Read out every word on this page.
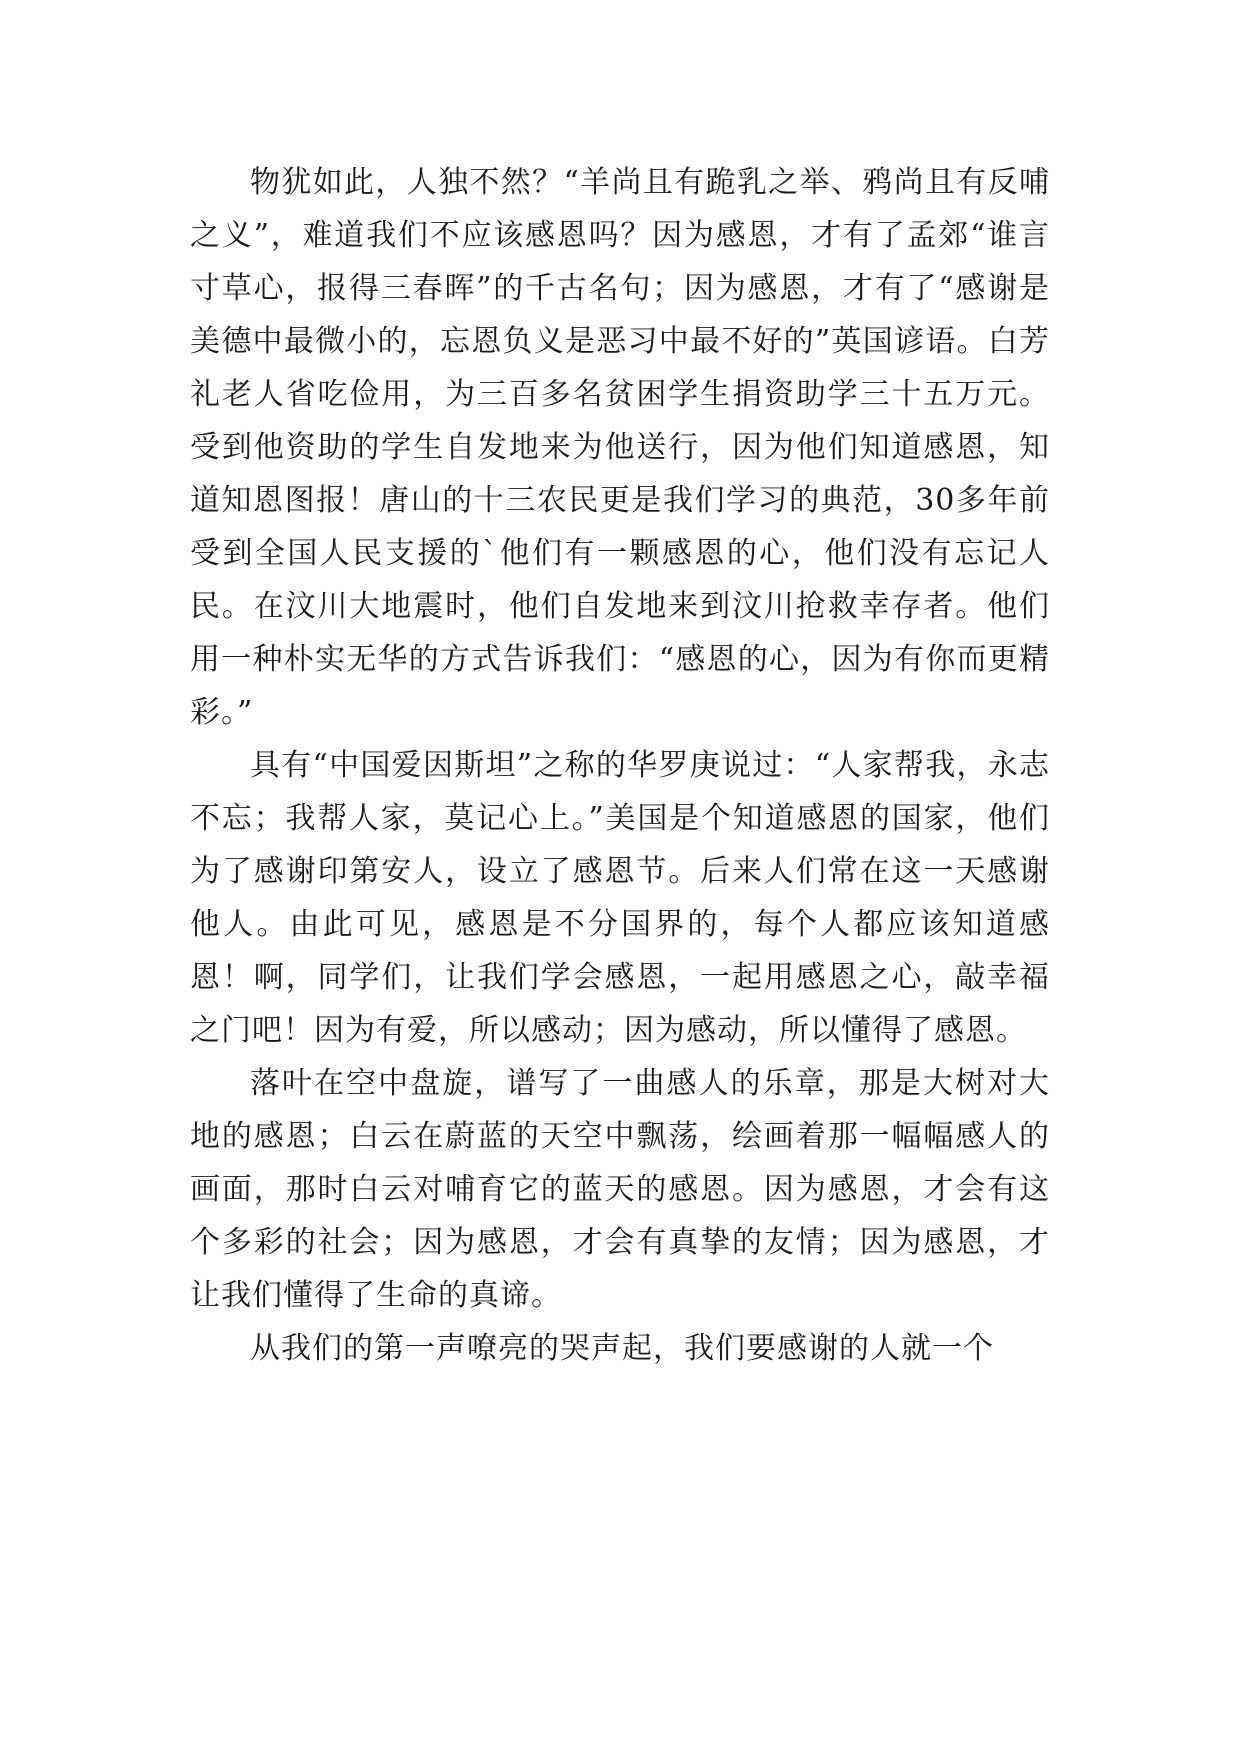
物犹如此，人独不然？“羊尚且有跪乳之举、鸦尚且有反哺之义”，难道我们不应该感恩吗？因为感恩，才有了孟郊“谁言寸草心，报得三春晖”的千古名句；因为感恩，才有了“感谢是美德中最微小的，忘恩负义是恶习中最不好的”英国谚语。白芳礼老人省吃俭用，为三百多名贫困学生捐资助学三十五万元。受到他资助的学生自发地来为他送行，因为他们知道感恩，知道知恩图报！唐山的十三农民更是我们学习的典范，30多年前受到全国人民支援的`他们有一颗感恩的心，他们没有忘记人民。在汶川大地震时，他们自发地来到汶川抢救幸存者。他们用一种朴实无华的方式告诉我们：“感恩的心，因为有你而更精彩。”

具有“中国爱因斯坦”之称的华罗庚说过：“人家帮我，永志不忘；我帮人家，莫记心上。”美国是个知道感恩的国家，他们为了感谢印第安人，设立了感恩节。后来人们常在这一天感谢他人。由此可见，感恩是不分国界的，每个人都应该知道感恩！啊，同学们，让我们学会感恩，一起用感恩之心，敲幸福之门吧！因为有爱，所以感动；因为感动，所以懂得了感恩。

落叶在空中盘旋，谱写了一曲感人的乐章，那是大树对大地的感恩；白云在蔚蓝的天空中飘荡，绘画着那一幅幅感人的画面，那时白云对哺育它的蓝天的感恩。因为感恩，才会有这个多彩的社会；因为感恩，才会有真挚的友情；因为感恩，才让我们懂得了生命的真谛。

从我们的第一声嘹亮的哭声起，我们要感谢的人就一个
